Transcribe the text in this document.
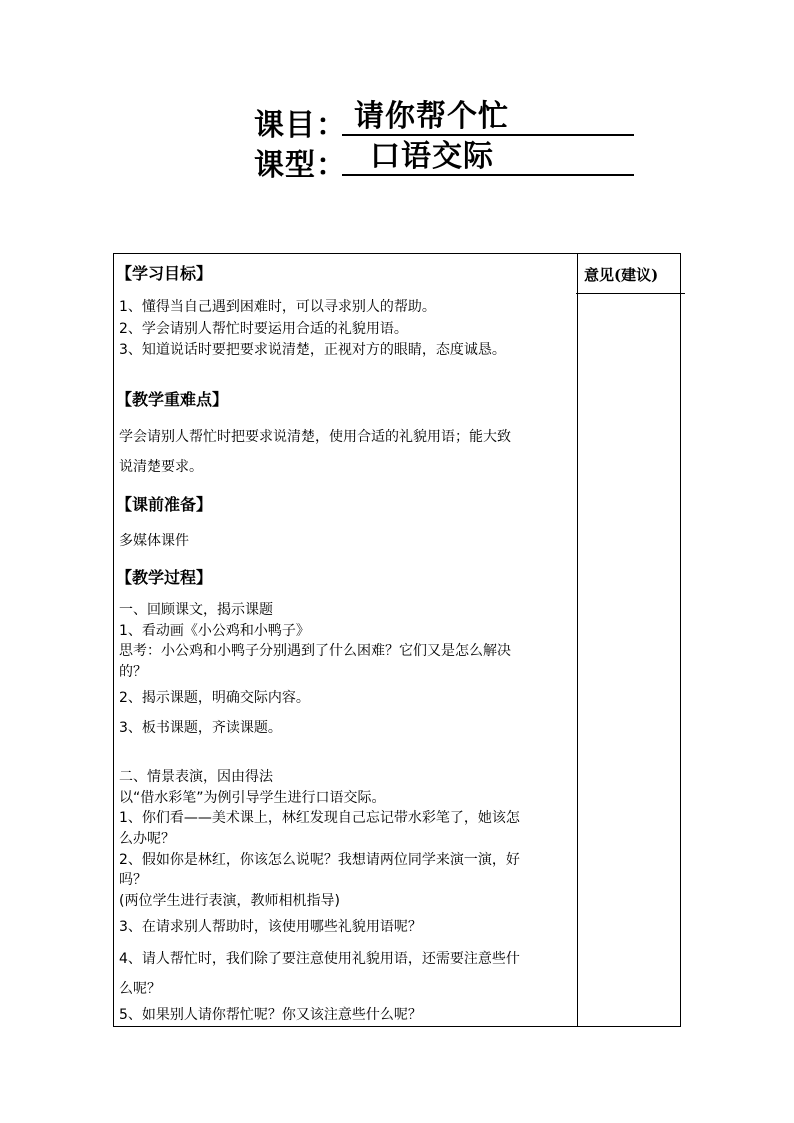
课目： 请你帮个忙
课型： 口语交际
意见(建议)
【学习目标】
1、懂得当自己遇到困难时，可以寻求别人的帮助。
2、学会请别人帮忙时要运用合适的礼貌用语。
3、知道说话时要把要求说清楚，正视对方的眼睛，态度诚恳。
【教学重难点】
学会请别人帮忙时把要求说清楚，使用合适的礼貌用语；能大致
说清楚要求。
【课前准备】
多媒体课件
【教学过程】
一、回顾课文，揭示课题
1、看动画《小公鸡和小鸭子》
思考：小公鸡和小鸭子分别遇到了什么困难？它们又是怎么解决
的？
2、揭示课题，明确交际内容。
3、板书课题，齐读课题。
二、情景表演，因由得法
以“借水彩笔”为例引导学生进行口语交际。
1、你们看——美术课上，林红发现自己忘记带水彩笔了，她该怎
么办呢？
2、假如你是林红，你该怎么说呢？我想请两位同学来演一演，好
吗？
(两位学生进行表演，教师相机指导)
3、在请求别人帮助时，该使用哪些礼貌用语呢？
4、请人帮忙时，我们除了要注意使用礼貌用语，还需要注意些什
么呢？
5、如果别人请你帮忙呢？你又该注意些什么呢？
